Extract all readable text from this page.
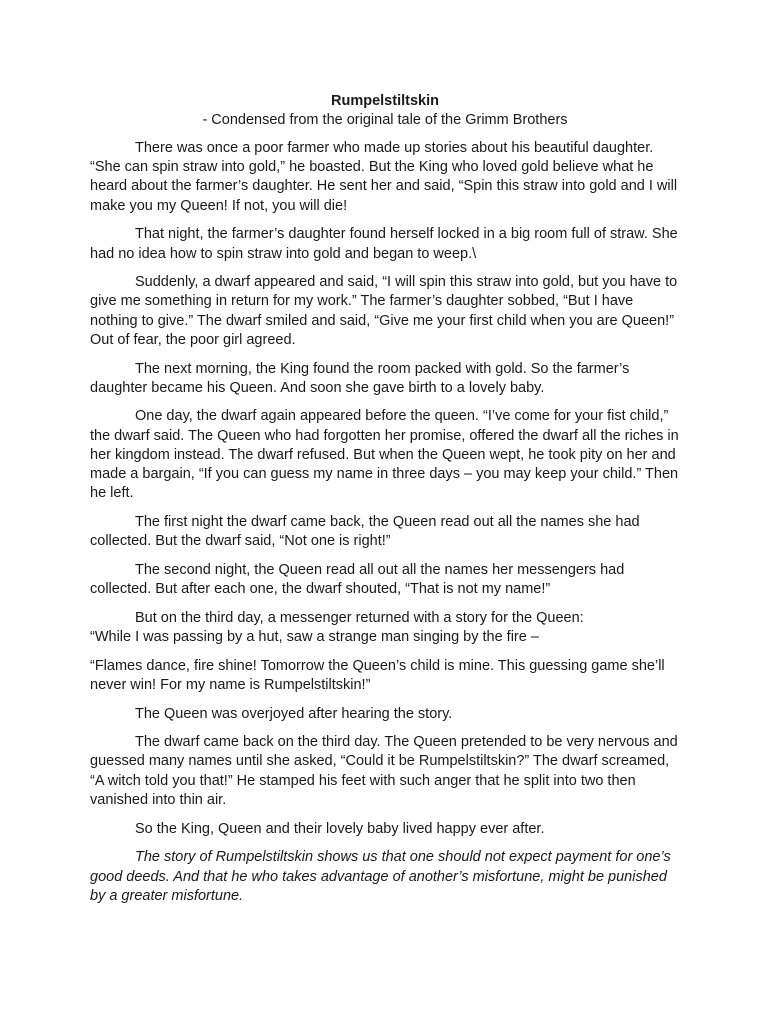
Rumpelstiltskin

- Condensed from the original tale of the Grimm Brothers

There was once a poor farmer who made up stories about his beautiful daughter. “She can spin straw into gold,” he boasted. But the King who loved gold believe what he heard about the farmer’s daughter. He sent her and said, “Spin this straw into gold and I will make you my Queen! If not, you will die!

That night, the farmer’s daughter found herself locked in a big room full of straw. She had no idea how to spin straw into gold and began to weep.\

Suddenly, a dwarf appeared and said, “I will spin this straw into gold, but you have to give me something in return for my work.” The farmer’s daughter sobbed, “But I have nothing to give.” The dwarf smiled and said, “Give me your first child when you are Queen!” Out of fear, the poor girl agreed.

The next morning, the King found the room packed with gold. So the farmer’s daughter became his Queen. And soon she gave birth to a lovely baby.

One day, the dwarf again appeared before the queen. “I’ve come for your fist child,” the dwarf said. The Queen who had forgotten her promise, offered the dwarf all the riches in her kingdom instead. The dwarf refused. But when the Queen wept, he took pity on her and made a bargain, “If you can guess my name in three days – you may keep your child.” Then he left.

The first night the dwarf came back, the Queen read out all the names she had collected. But the dwarf said, “Not one is right!”

The second night, the Queen read all out all the names her messengers had collected. But after each one, the dwarf shouted, “That is not my name!”

But on the third day, a messenger returned with a story for the Queen:

“While I was passing by a hut, saw a strange man singing by the fire –

“Flames dance, fire shine! Tomorrow the Queen’s child is mine. This guessing game she’ll never win! For my name is Rumpelstiltskin!”

The Queen was overjoyed after hearing the story.

The dwarf came back on the third day. The Queen pretended to be very nervous and guessed many names until she asked, “Could it be Rumpelstiltskin?” The dwarf screamed, “A witch told you that!” He stamped his feet with such anger that he split into two then vanished into thin air.

So the King, Queen and their lovely baby lived happy ever after.

The story of Rumpelstiltskin shows us that one should not expect payment for one’s good deeds. And that he who takes advantage of another’s misfortune, might be punished by a greater misfortune.
